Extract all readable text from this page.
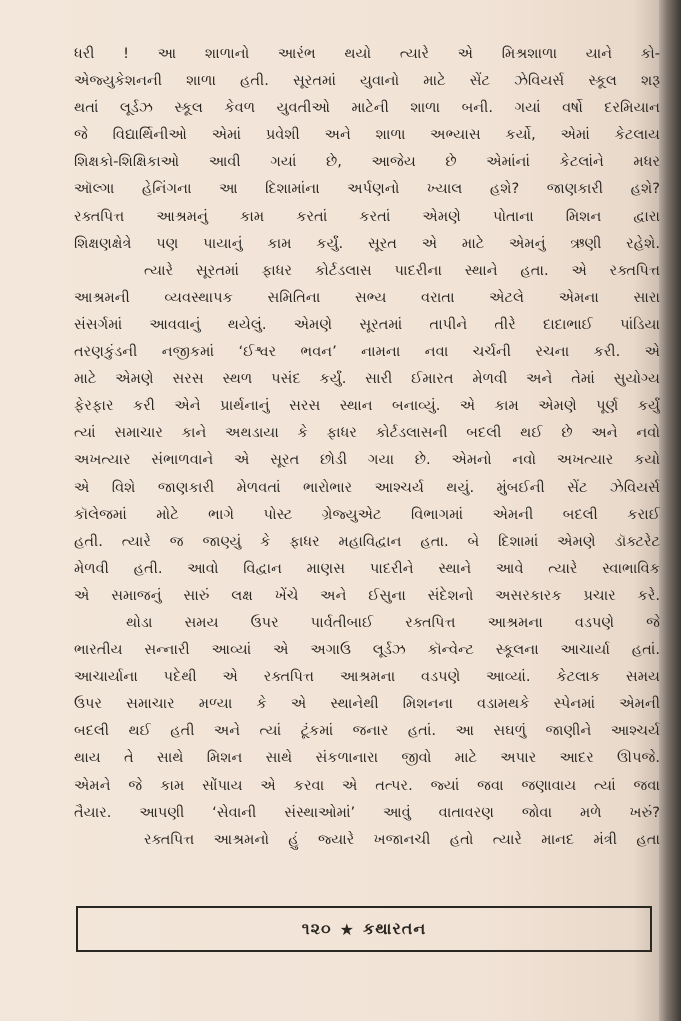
ધરી ! આ શાળાનો આરંભ થયો ત્યારે એ મિશ્રશાળા યાને કો-
એજ્યુકેશનની શાળા હતી. સૂરતમાં યુવાનો માટે સેંટ ઝેવિયર્સ સ્કૂલ શરૂ
થતાં લૂર્ડઝ સ્કૂલ કેવળ યુવતીઓ માટેની શાળા બની. ગયાં વર્ષો દરમિયાન
જે વિદ્યાર્થિનીઓ એમાં પ્રવેશી અને શાળા અભ્યાસ કર્યો, એમાં કેટલાય
શિક્ષકો-શિક્ષિકાઓ આવી ગયાં છે, આજેય છે એમાંનાં કેટલાંને મધર
ઑલ્ગા હેનિંગના આ દિશામાંના અર્પણનો ખ્યાલ હશે? જાણકારી હશે?
રક્તપિત્ત આશ્રમનું કામ કરતાં કરતાં એમણે પોતાના મિશન દ્વારા
શિક્ષણક્ષેત્રે પણ પાયાનું કામ કર્યું. સૂરત એ માટે એમનું ઋણી રહેશે.
ત્યારે સૂરતમાં ફાધર કોર્ટડલાસ પાદરીના સ્થાને હતા. એ રક્તપિત્ત
આશ્રમની વ્યવસ્થાપક સમિતિના સભ્ય વરાતા એટલે એમના સારા
સંસર્ગમાં આવવાનું થયેલું. એમણે સૂરતમાં તાપીને તીરે દાદાભાઈ પાંડિયા
તરણકુંડની નજીકમાં ‘ઈશ્વર ભવન’ નામના નવા ચર્ચની રચના કરી. એ
માટે એમણે સરસ સ્થળ પસંદ કર્યું. સારી ઈમારત મેળવી અને તેમાં સુયોગ્ય
ફેરફાર કરી એને પ્રાર્થનાનું સરસ સ્થાન બનાવ્યું. એ કામ એમણે પૂર્ણ કર્યું
ત્યાં સમાચાર કાને અથડાયા કે ફાધર કોર્ટડલાસની બદલી થઈ છે અને નવો
અખત્યાર સંભાળવાને એ સૂરત છોડી ગયા છે. એમનો નવો અખત્યાર કયો
એ વિશે જાણકારી મેળવતાં ભારોભાર આશ્ચર્ય થયું. મુંબઈની સેંટ ઝેવિયર્સ
કૉલેજમાં મોટે ભાગે પોસ્ટ ગ્રેજ્યુએટ વિભાગમાં એમની બદલી કરાઈ
હતી. ત્યારે જ જાણ્યું કે ફાધર મહાવિદ્વાન હતા. બે દિશામાં એમણે ડૉક્ટરેટ
મેળવી હતી. આવો વિદ્વાન માણસ પાદરીને સ્થાને આવે ત્યારે સ્વાભાવિક
એ સમાજનું સારું લક્ષ ખેંચે અને ઈસુના સંદેશનો અસરકારક પ્રચાર કરે.
થોડા સમય ઉપર પાર્વતીબાઈ રક્તપિત્ત આશ્રમના વડપણે જે
ભારતીય સન્નારી આવ્યાં એ અગાઉ લૂર્ડઝ કૉન્વેન્ટ સ્કૂલના આચાર્યા હતાં.
આચાર્યાના પદેથી એ રક્તપિત્ત આશ્રમના વડપણે આવ્યાં. કેટલાક સમય
ઉપર સમાચાર મળ્યા કે એ સ્થાનેથી મિશનના વડામથકે સ્પેનમાં એમની
બદલી થઈ હતી અને ત્યાં ટૂંકમાં જનાર હતાં. આ સઘળું જાણીને આશ્ચર્ય
થાય તે સાથે મિશન સાથે સંકળાનારા જીવો માટે અપાર આદર ઊપજે.
એમને જે કામ સોંપાય એ કરવા એ તત્પર. જ્યાં જવા જણાવાય ત્યાં જવા
તૈયાર. આપણી ‘સેવાની સંસ્થાઓમાં’ આવું વાતાવરણ જોવા મળે ખરું?
રક્તપિત્ત આશ્રમનો હું જ્યારે ખજાનચી હતો ત્યારે માનદ મંત્રી હતા
૧૨૦ ★ કથારતન
